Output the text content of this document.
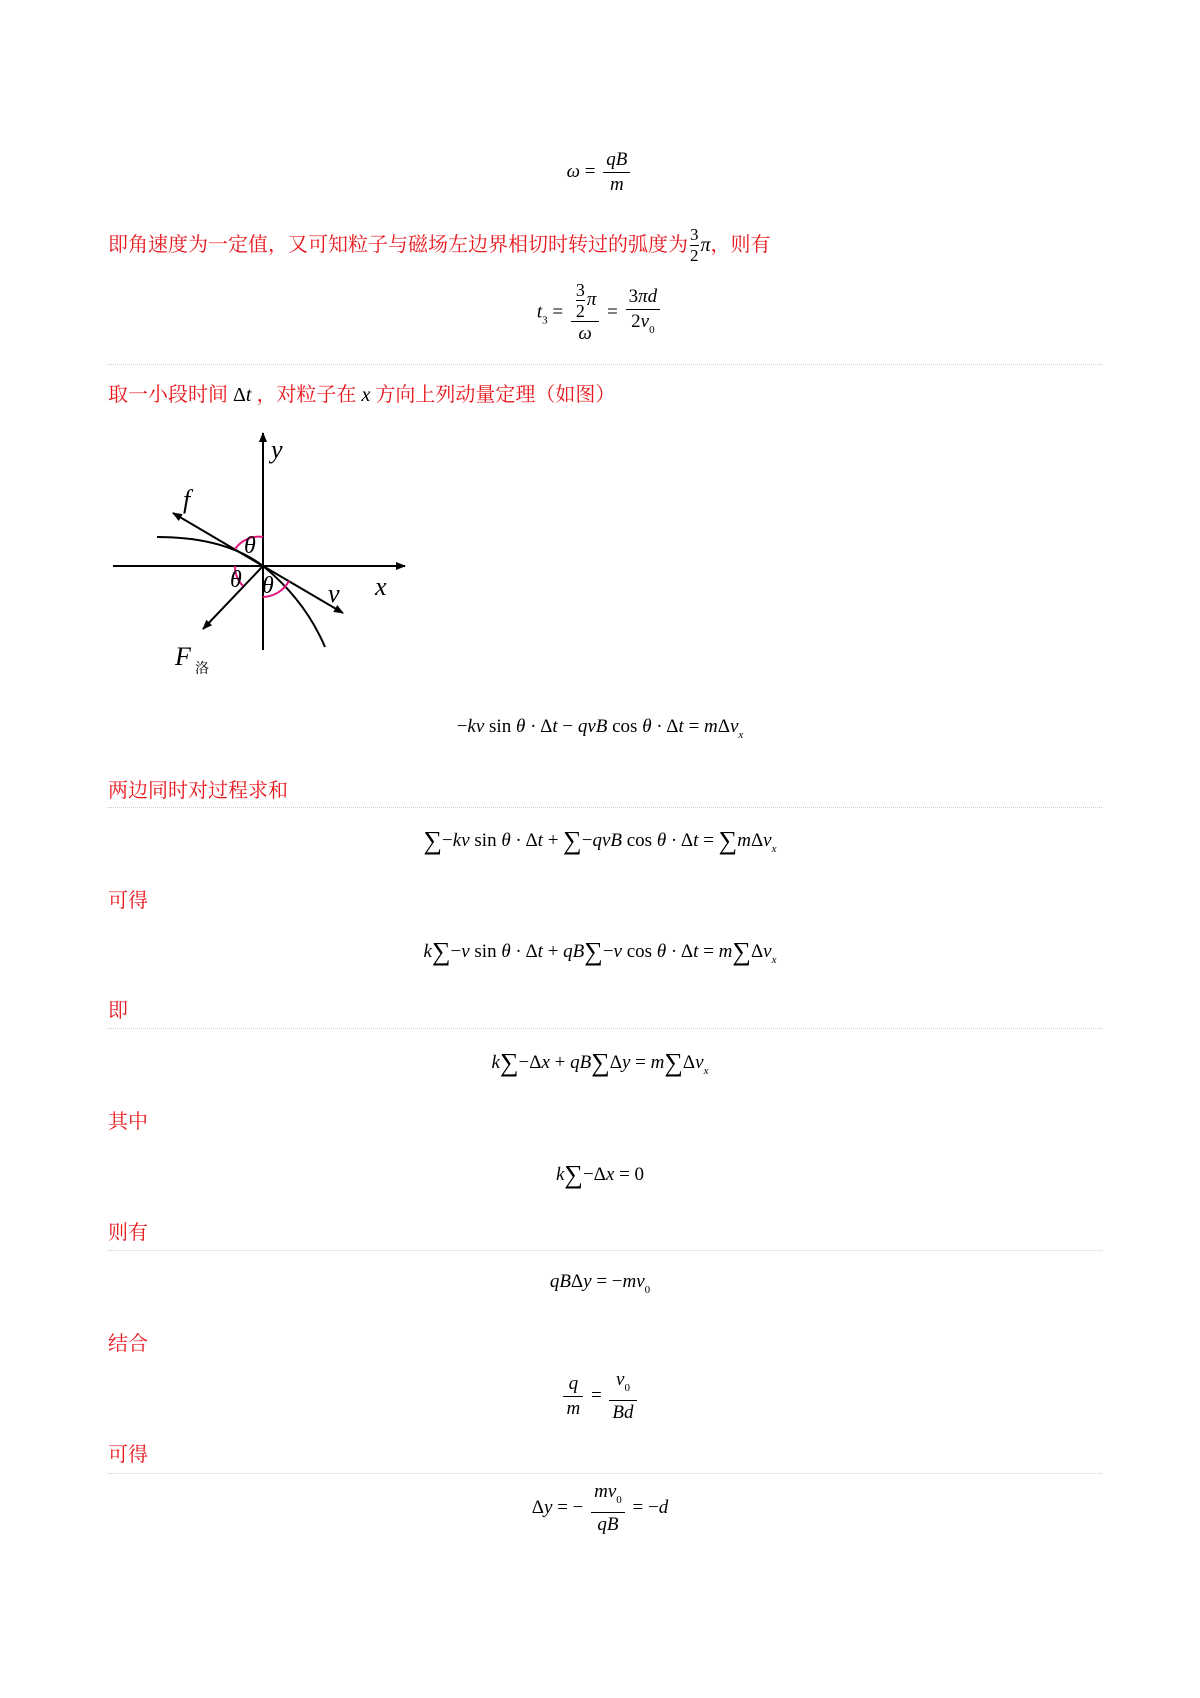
$\omega = \frac{qB}{m}$
即角速度为一定值，又可知粒子与磁场左边界相切时转过的弧度为 $\frac{3}{2}$ π，则有
$t_3 = \frac{\frac{3}{2} \pi}{\omega} = \frac{3\pi d}{2v_0}$
取一小段时间 Δt ，对粒子在 x 方向上列动量定理（如图）
x
y
f
v
F 洛
θ
θ θ
−kv sin θ · Δt − qvB cos θ · Δt = mΔv$_x$
两边同时对过程求和
∑−kv sin θ · Δt + ∑−qvB cos θ · Δt = ∑mΔv$_x$
可得
k∑−v sin θ · Δt + qB∑−v $\cos \theta \cdot \Delta t = m\sum\Delta v_x$
即
$k\sum-\Delta x + qB\sum\Delta y = m\sum\Delta v_x$
其中
k∑−Δx = 0
则有
$qB\Delta y = -mv_0$
结合
$\frac{q}{m} = \frac{v_0}{Bd}$
可得
Δy = − $\frac{mv_0}{qB} = -d$
